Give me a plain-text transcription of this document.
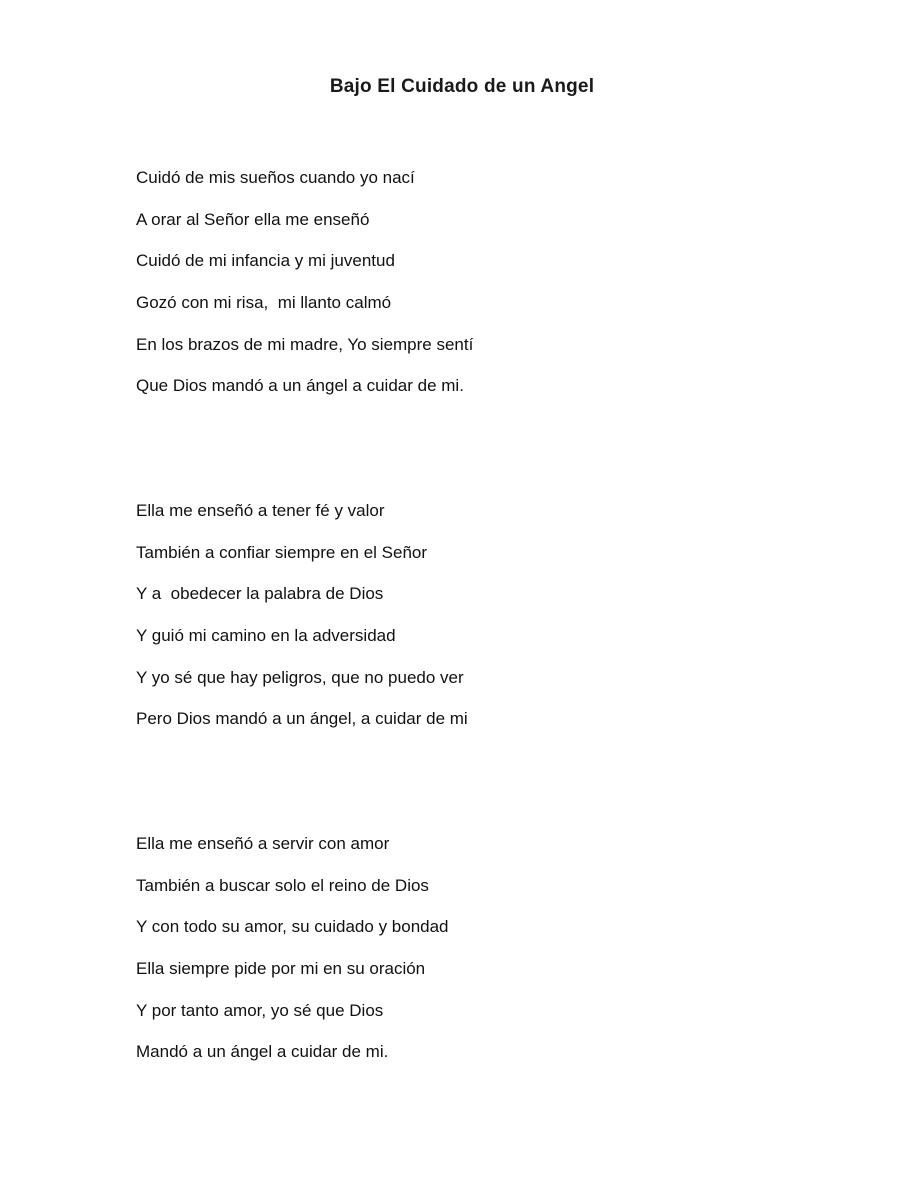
Bajo El Cuidado de un Angel
Cuidó de mis sueños cuando yo nací
A orar al Señor ella me enseñó
Cuidó de mi infancia y mi juventud
Gozó con mi risa,  mi llanto calmó
En los brazos de mi madre, Yo siempre sentí
Que Dios mandó a un ángel a cuidar de mi.
Ella me enseñó a tener fé y valor
También a confiar siempre en el Señor
Y a  obedecer la palabra de Dios
Y guió mi camino en la adversidad
Y yo sé que hay peligros, que no puedo ver
Pero Dios mandó a un ángel, a cuidar de mi
Ella me enseñó a servir con amor
También a buscar solo el reino de Dios
Y con todo su amor, su cuidado y bondad
Ella siempre pide por mi en su oración
Y por tanto amor, yo sé que Dios
Mandó a un ángel a cuidar de mi.
